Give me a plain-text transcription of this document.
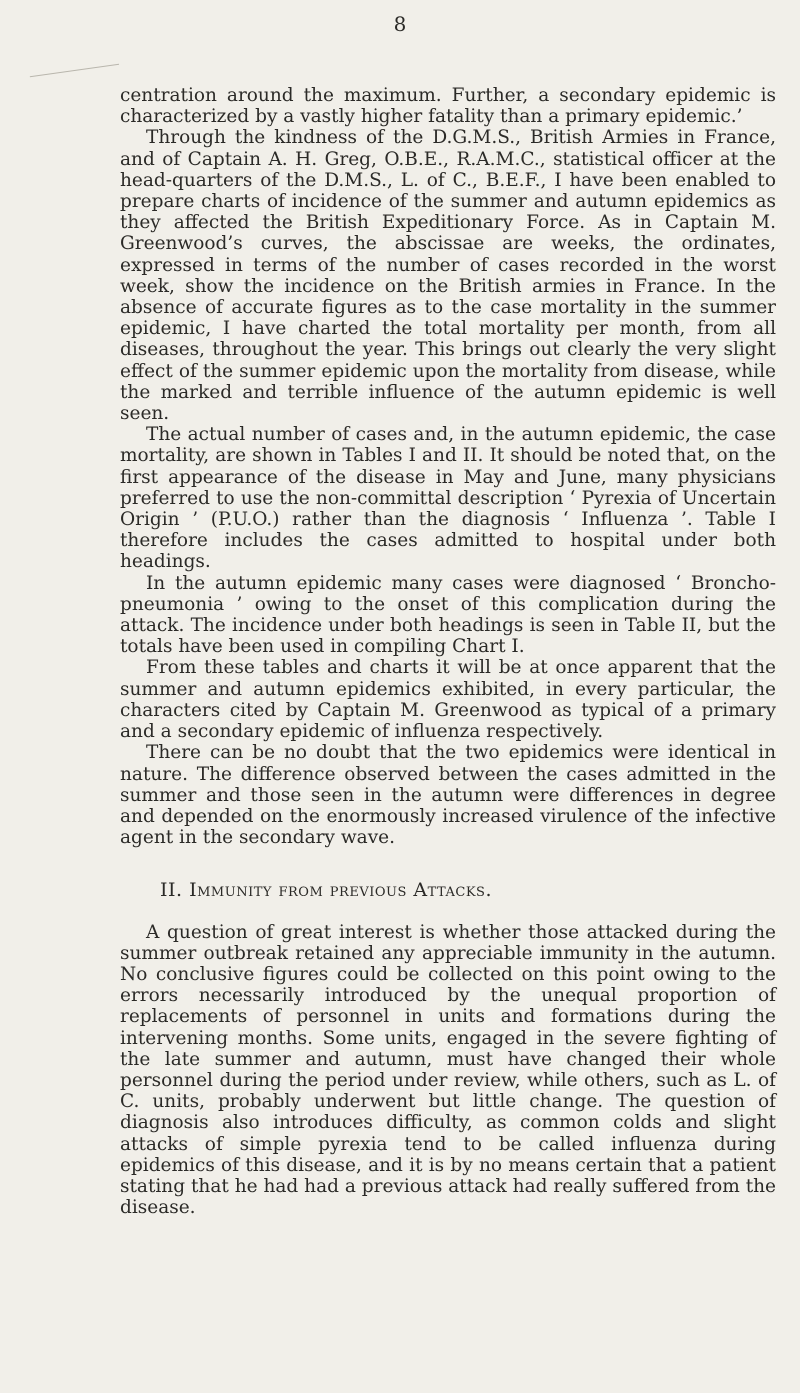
8

centration around the maximum. Further, a secondary epidemic is characterized by a vastly higher fatality than a primary epidemic.’

Through the kindness of the D.G.M.S., British Armies in France, and of Captain A. H. Greg, O.B.E., R.A.M.C., statistical officer at the head-quarters of the D.M.S., L. of C., B.E.F., I have been enabled to prepare charts of incidence of the summer and autumn epidemics as they affected the British Expeditionary Force. As in Captain M. Greenwood’s curves, the abscissae are weeks, the ordinates, expressed in terms of the number of cases recorded in the worst week, show the incidence on the British armies in France. In the absence of accurate figures as to the case mortality in the summer epidemic, I have charted the total mortality per month, from all diseases, throughout the year. This brings out clearly the very slight effect of the summer epidemic upon the mortality from disease, while the marked and terrible influence of the autumn epidemic is well seen.

The actual number of cases and, in the autumn epidemic, the case mortality, are shown in Tables I and II. It should be noted that, on the first appearance of the disease in May and June, many physicians preferred to use the non-committal description ‘ Pyrexia of Uncertain Origin ’ (P.U.O.) rather than the diagnosis ‘ Influenza ’. Table I therefore includes the cases admitted to hospital under both headings.

In the autumn epidemic many cases were diagnosed ‘ Broncho-pneumonia ’ owing to the onset of this complication during the attack. The incidence under both headings is seen in Table II, but the totals have been used in compiling Chart I.

From these tables and charts it will be at once apparent that the summer and autumn epidemics exhibited, in every particular, the characters cited by Captain M. Greenwood as typical of a primary and a secondary epidemic of influenza respectively.

There can be no doubt that the two epidemics were identical in nature. The difference observed between the cases admitted in the summer and those seen in the autumn were differences in degree and depended on the enormously increased virulence of the infective agent in the secondary wave.

II. Immunity from previous Attacks.

A question of great interest is whether those attacked during the summer outbreak retained any appreciable immunity in the autumn. No conclusive figures could be collected on this point owing to the errors necessarily introduced by the unequal proportion of replacements of personnel in units and formations during the intervening months. Some units, engaged in the severe fighting of the late summer and autumn, must have changed their whole personnel during the period under review, while others, such as L. of C. units, probably underwent but little change. The question of diagnosis also introduces difficulty, as common colds and slight attacks of simple pyrexia tend to be called influenza during epidemics of this disease, and it is by no means certain that a patient stating that he had had a previous attack had really suffered from the disease.
